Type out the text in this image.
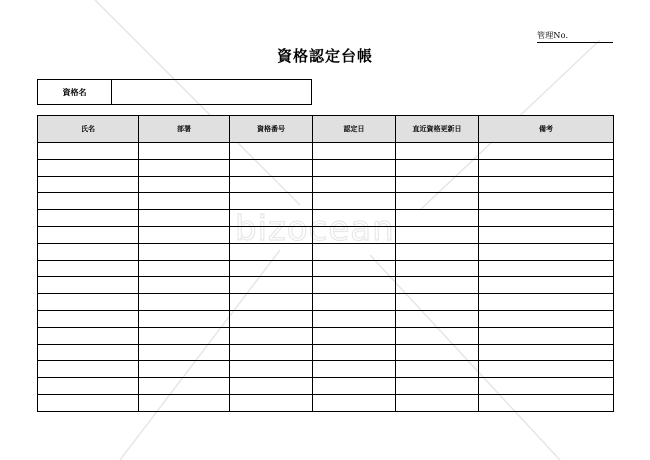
bizocean
管理No.
資格認定台帳
資格名
氏名	部署	資格番号	認定日	直近資格更新日	備考
